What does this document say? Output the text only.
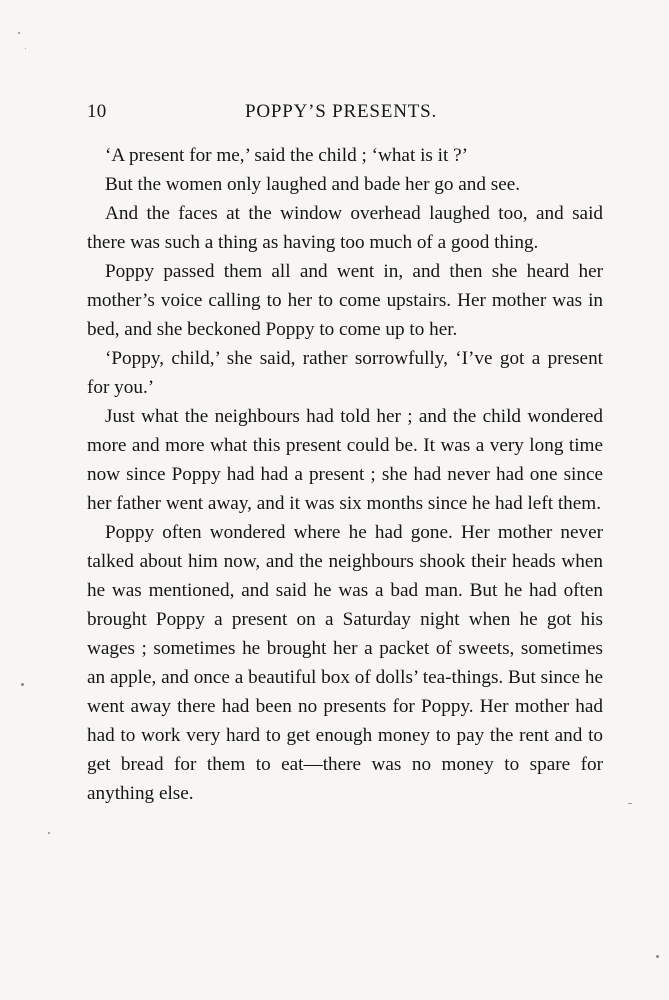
10	POPPY’S PRESENTS.

‘A present for me,’ said the child ; ‘what is it ?’

But the women only laughed and bade her go and see.

And the faces at the window overhead laughed too, and said there was such a thing as having too much of a good thing.

Poppy passed them all and went in, and then she heard her mother’s voice calling to her to come upstairs. Her mother was in bed, and she beckoned Poppy to come up to her.

‘Poppy, child,’ she said, rather sorrowfully, ‘I’ve got a present for you.’

Just what the neighbours had told her ; and the child wondered more and more what this present could be. It was a very long time now since Poppy had had a present ; she had never had one since her father went away, and it was six months since he had left them.

Poppy often wondered where he had gone. Her mother never talked about him now, and the neighbours shook their heads when he was mentioned, and said he was a bad man. But he had often brought Poppy a present on a Saturday night when he got his wages ; sometimes he brought her a packet of sweets, sometimes an apple, and once a beautiful box of dolls’ tea-things. But since he went away there had been no presents for Poppy. Her mother had had to work very hard to get enough money to pay the rent and to get bread for them to eat—there was no money to spare for anything else.
